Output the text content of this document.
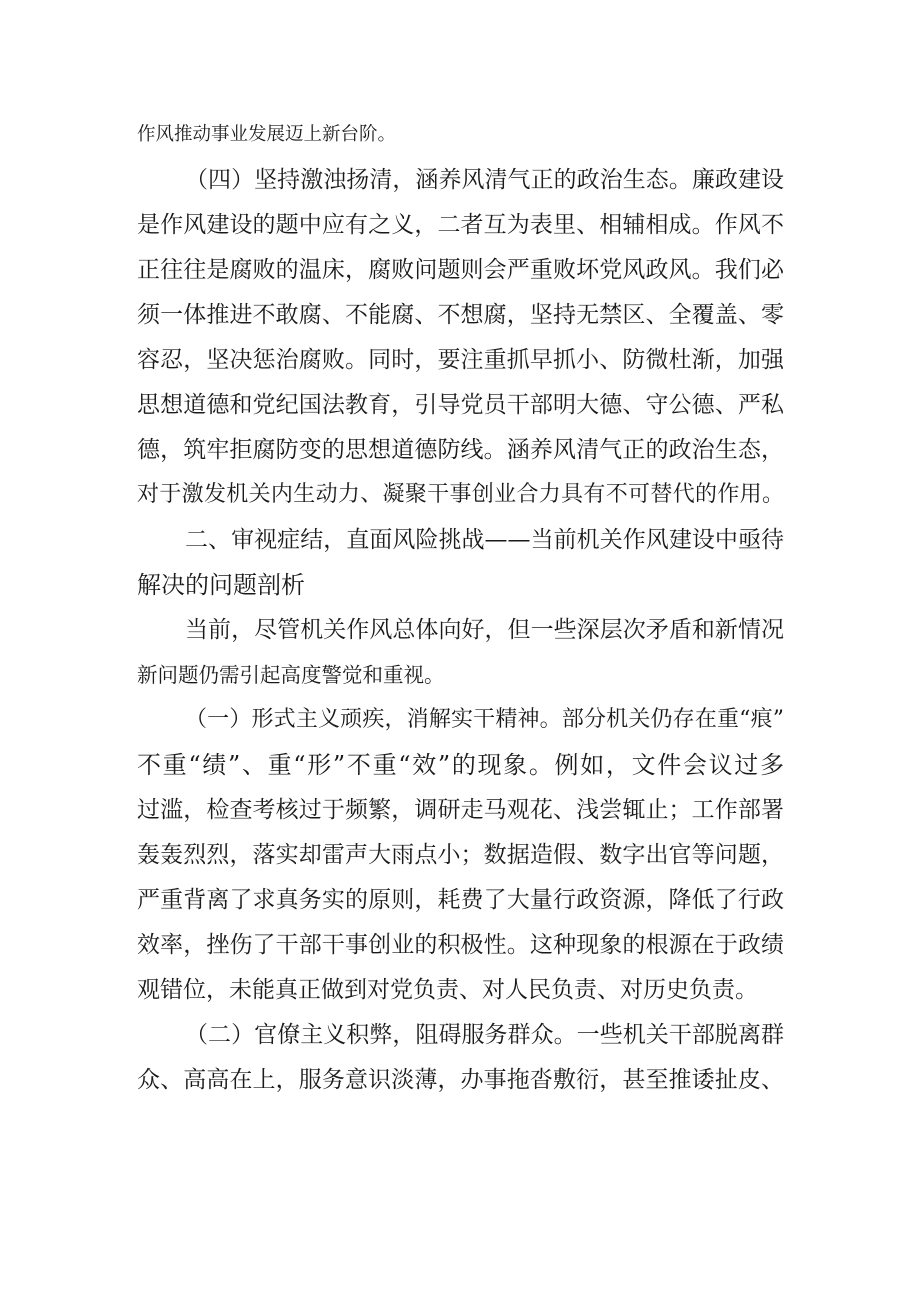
作风推动事业发展迈上新台阶。
（四）坚持激浊扬清，涵养风清气正的政治生态。廉政建设
是作风建设的题中应有之义，二者互为表里、相辅相成。作风不
正往往是腐败的温床，腐败问题则会严重败坏党风政风。我们必
须一体推进不敢腐、不能腐、不想腐，坚持无禁区、全覆盖、零
容忍，坚决惩治腐败。同时，要注重抓早抓小、防微杜渐，加强
思想道德和党纪国法教育，引导党员干部明大德、守公德、严私
德，筑牢拒腐防变的思想道德防线。涵养风清气正的政治生态，
对于激发机关内生动力、凝聚干事创业合力具有不可替代的作用。
二、审视症结，直面风险挑战——当前机关作风建设中亟待
解决的问题剖析
当前，尽管机关作风总体向好，但一些深层次矛盾和新情况
新问题仍需引起高度警觉和重视。
（一）形式主义顽疾，消解实干精神。部分机关仍存在重“痕”
不重“绩”、重“形”不重“效”的现象。例如，文件会议过多
过滥，检查考核过于频繁，调研走马观花、浅尝辄止；工作部署
轰轰烈烈，落实却雷声大雨点小；数据造假、数字出官等问题，
严重背离了求真务实的原则，耗费了大量行政资源，降低了行政
效率，挫伤了干部干事创业的积极性。这种现象的根源在于政绩
观错位，未能真正做到对党负责、对人民负责、对历史负责。
（二）官僚主义积弊，阻碍服务群众。一些机关干部脱离群
众、高高在上，服务意识淡薄，办事拖沓敷衍，甚至推诿扯皮、
